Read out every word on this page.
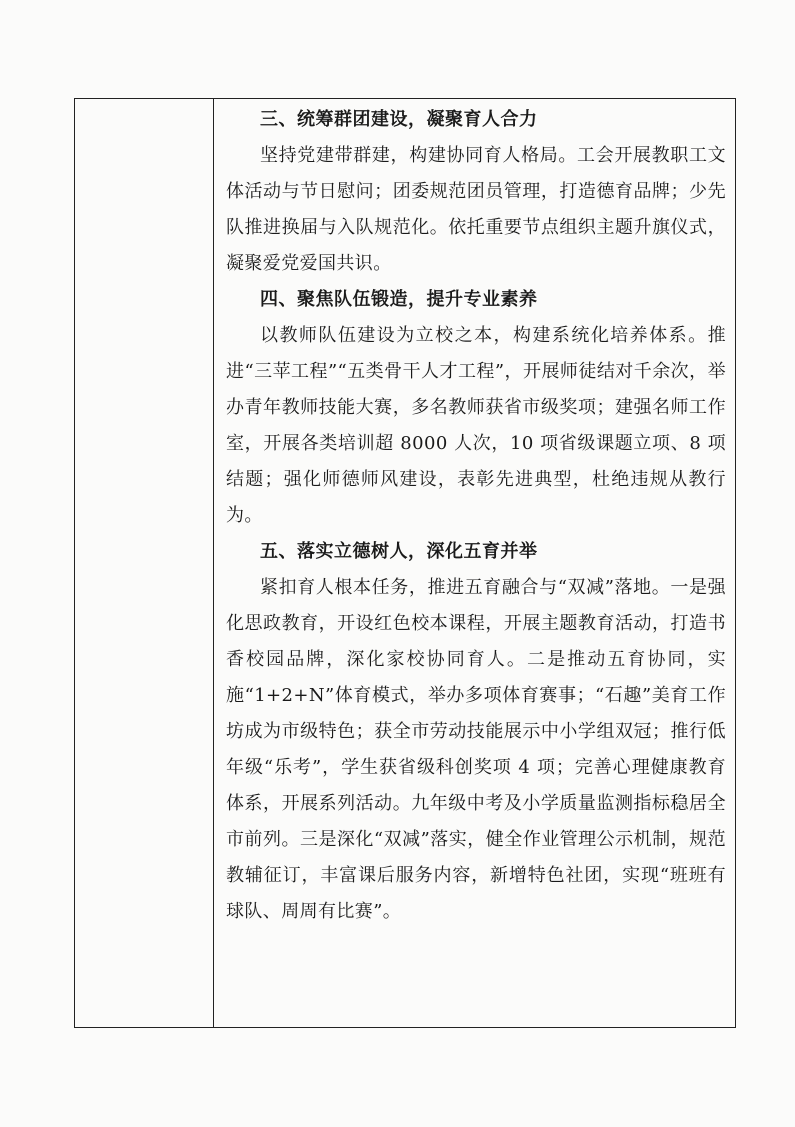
三、统筹群团建设，凝聚育人合力

坚持党建带群建，构建协同育人格局。工会开展教职工文体活动与节日慰问；团委规范团员管理，打造德育品牌；少先队推进换届与入队规范化。依托重要节点组织主题升旗仪式，凝聚爱党爱国共识。

四、聚焦队伍锻造，提升专业素养

以教师队伍建设为立校之本，构建系统化培养体系。推进“三苹工程”“五类骨干人才工程”，开展师徒结对千余次，举办青年教师技能大赛，多名教师获省市级奖项；建强名师工作室，开展各类培训超 8000 人次，10 项省级课题立项、8 项结题；强化师德师风建设，表彰先进典型，杜绝违规从教行为。

五、落实立德树人，深化五育并举

紧扣育人根本任务，推进五育融合与“双减”落地。一是强化思政教育，开设红色校本课程，开展主题教育活动，打造书香校园品牌，深化家校协同育人。二是推动五育协同，实施“1+2+N”体育模式，举办多项体育赛事；“石趣”美育工作坊成为市级特色；获全市劳动技能展示中小学组双冠；推行低年级“乐考”，学生获省级科创奖项 4 项；完善心理健康教育体系，开展系列活动。九年级中考及小学质量监测指标稳居全市前列。三是深化“双减”落实，健全作业管理公示机制，规范教辅征订，丰富课后服务内容，新增特色社团，实现“班班有球队、周周有比赛”。
